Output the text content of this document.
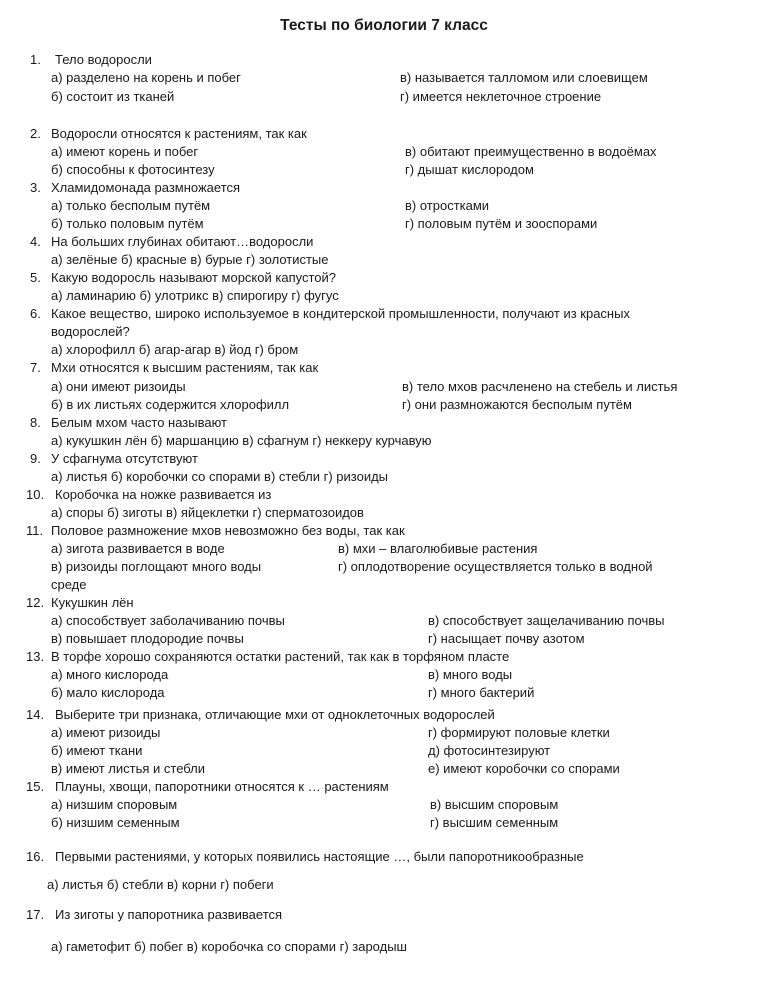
Тесты по биологии 7 класс
1. Тело водоросли
а) разделено на корень и побег
б) состоит из тканей
в) называется талломом или слоевищем
г) имеется неклеточное строение
2. Водоросли относятся к растениям, так как
а) имеют корень и побег
б) способны к фотосинтезу
в) обитают преимущественно в водоёмах
г) дышат кислородом
3. Хламидомонада размножается
а) только бесполым путём
б) только половым путём
в) отростками
г) половым путём и зооспорами
4. На больших глубинах обитают…водоросли
а) зелёные б) красные в) бурые г) золотистые
5. Какую водоросль называют морской капустой?
а) ламинарию б) улотрикс в) спирогиру г) фугус
6. Какое вещество, широко используемое в кондитерской промышленности, получают из красных
водорослей?
а) хлорофилл б) агар-агар в) йод г) бром
7. Мхи относятся к высшим растениям, так как
а) они имеют ризоиды
б) в их листьях содержится хлорофилл
в) тело мхов расчленено на стебель и листья
г) они размножаются бесполым путём
8. Белым мхом часто называют
а) кукушкин лён б) маршанцию в) сфагнум г) неккеру курчавую
9. У сфагнума отсутствуют
а) листья б) коробочки со спорами в) стебли г) ризоиды
10. Коробочка на ножке развивается из
а) споры б) зиготы в) яйцеклетки г) сперматозоидов
11. Половое размножение мхов невозможно без воды, так как
а) зигота развивается в воде
в) ризоиды поглощают много воды
в) мхи – влаголюбивые растения
г) оплодотворение осуществляется только в водной
среде
12. Кукушкин лён
а) способствует заболачиванию почвы
в) повышает плодородие почвы
в) способствует защелачиванию почвы
г) насыщает почву азотом
13. В торфе хорошо сохраняются остатки растений, так как в торфяном пласте
а) много кислорода
б) мало кислорода
в) много воды
г) много бактерий
14. Выберите три признака, отличающие мхи от одноклеточных водорослей
а) имеют ризоиды
б) имеют ткани
в) имеют листья и стебли
г) формируют половые клетки
д) фотосинтезируют
е) имеют коробочки со спорами
15. Плауны, хвощи, папоротники относятся к … растениям
а) низшим споровым
б) низшим семенным
в) высшим споровым
г) высшим семенным
16. Первыми растениями, у которых появились настоящие …, были папоротникообразные
а) листья б) стебли в) корни г) побеги
17. Из зиготы у папоротника развивается
а) гаметофит б) побег в) коробочка со спорами г) зародыш
